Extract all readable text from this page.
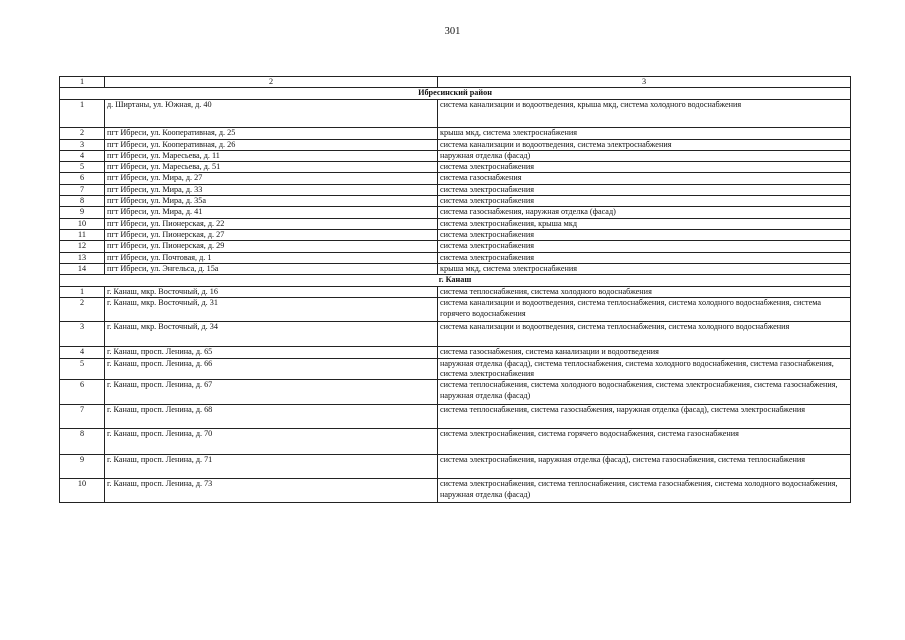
301
1	2	3
Ибресинский район		
1	д. Ширтаны, ул. Южная, д. 40	система канализации и водоотведения, крыша мкд, система холодного водоснабжения
2	пгт Ибреси, ул. Кооперативная, д. 25	крыша мкд, система электроснабжения
3	пгт Ибреси, ул. Кооперативная, д. 26	система канализации и водоотведения, система электроснабжения
4	пгт Ибреси, ул. Маресьева, д. 11	наружная отделка (фасад)
5	пгт Ибреси, ул. Маресьева, д. 51	система электроснабжения
6	пгт Ибреси, ул. Мира, д. 27	система газоснабжения
7	пгт Ибреси, ул. Мира, д. 33	система электроснабжения
8	пгт Ибреси, ул. Мира, д. 35а	система электроснабжения
9	пгт Ибреси, ул. Мира, д. 41	система газоснабжения, наружная отделка (фасад)
10	пгт Ибреси, ул. Пионерская, д. 22	система электроснабжения, крыша мкд
11	пгт Ибреси, ул. Пионерская, д. 27	система электроснабжения
12	пгт Ибреси, ул. Пионерская, д. 29	система электроснабжения
13	пгт Ибреси, ул. Почтовая, д. 1	система электроснабжения
14	пгт Ибреси, ул. Энгельса, д. 15а	крыша мкд, система электроснабжения
г. Канаш		
1	г. Канаш, мкр. Восточный, д. 16	система теплоснабжения, система холодного водоснабжения
2	г. Канаш, мкр. Восточный, д. 31	система канализации и водоотведения, система теплоснабжения, система холодного водоснабжения, система горячего водоснабжения
3	г. Канаш, мкр. Восточный, д. 34	система канализации и водоотведения, система теплоснабжения, система холодного водоснабжения
4	г. Канаш, просп. Ленина, д. 65	система газоснабжения, система канализации и водоотведения
5	г. Канаш, просп. Ленина, д. 66	наружная отделка (фасад), система теплоснабжения, система холодного водоснабжения, система газоснабжения, система электроснабжения
6	г. Канаш, просп. Ленина, д. 67	система теплоснабжения, система холодного водоснабжения, система электроснабжения, система газоснабжения, наружная отделка (фасад)
7	г. Канаш, просп. Ленина, д. 68	система теплоснабжения, система газоснабжения, наружная отделка (фасад), система электроснабжения
8	г. Канаш, просп. Ленина, д. 70	система электроснабжения, система горячего водоснабжения, система газоснабжения
9	г. Канаш, просп. Ленина, д. 71	система электроснабжения, наружная отделка (фасад), система газоснабжения, система теплоснабжения
10	г. Канаш, просп. Ленина, д. 73	система электроснабжения, система теплоснабжения, система газоснабжения, система холодного водоснабжения, наружная отделка (фасад)
